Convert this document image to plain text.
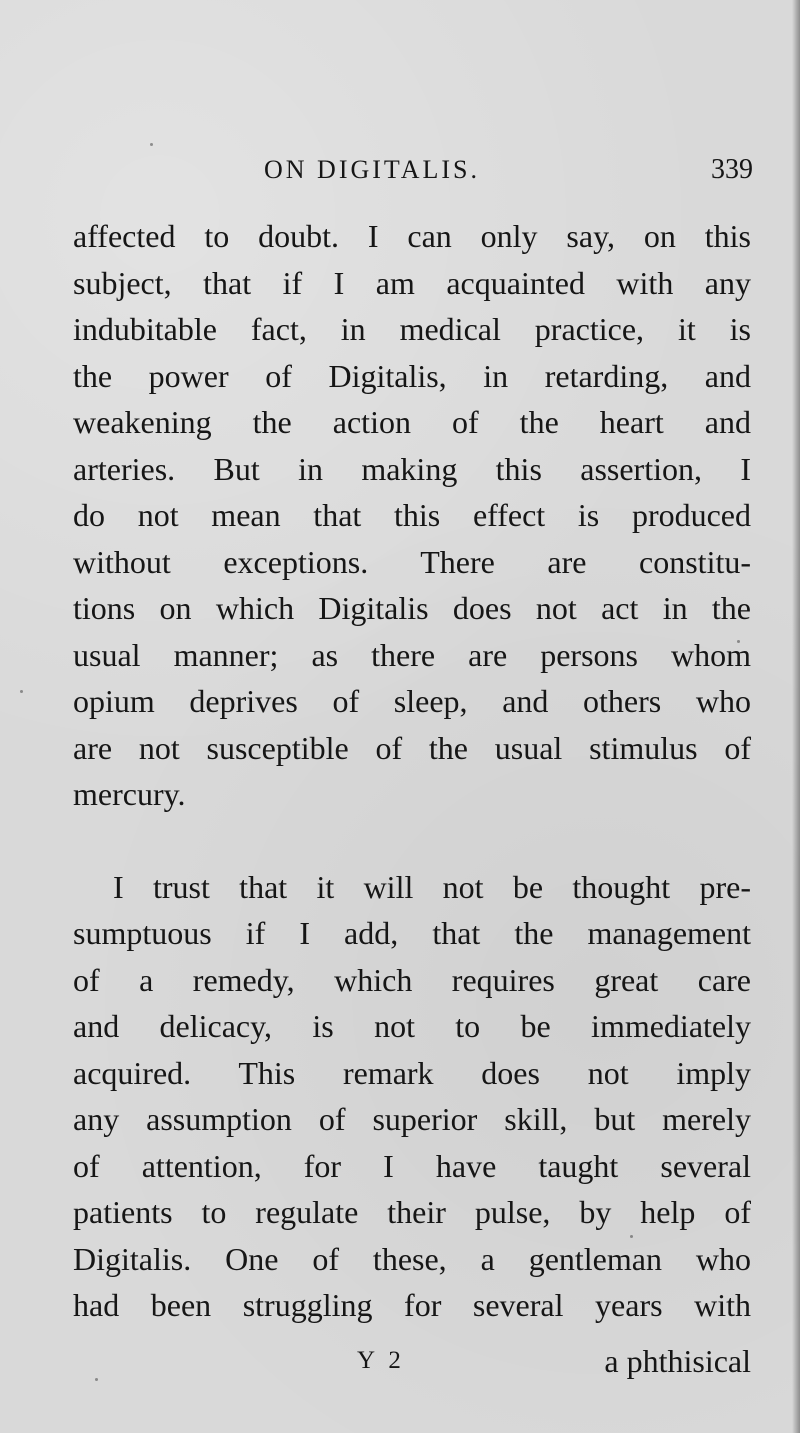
ON DIGITALIS.	339
affected to doubt. I can only say, on this
subject, that if I am acquainted with any
indubitable fact, in medical practice, it is
the power of Digitalis, in retarding, and
weakening the action of the heart and
arteries. But in making this assertion, I
do not mean that this effect is produced
without exceptions. There are constitu-
tions on which Digitalis does not act in the
usual manner; as there are persons whom
opium deprives of sleep, and others who
are not susceptible of the usual stimulus of
mercury.
I trust that it will not be thought pre-
sumptuous if I add, that the management
of a remedy, which requires great care
and delicacy, is not to be immediately
acquired. This remark does not imply
any assumption of superior skill, but merely
of attention, for I have taught several
patients to regulate their pulse, by help of
Digitalis. One of these, a gentleman who
had been struggling for several years with
Y 2	a phthisical
